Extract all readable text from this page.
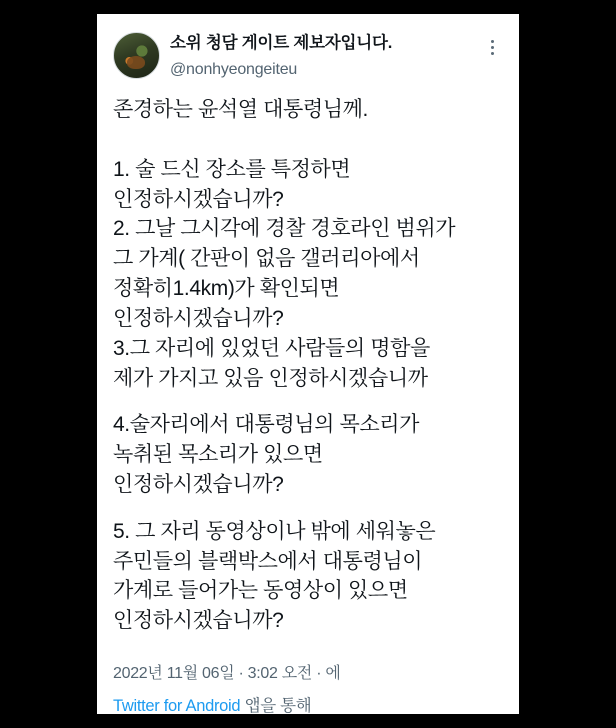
소위 청담 게이트 제보자입니다.
@nonhyeongeiteu

존경하는 윤석열 대통령님께.

1. 술 드신 장소를 특정하면

인정하시겠습니까?

2. 그날 그시각에 경찰 경호라인 범위가

그 가계( 간판이 없음 갤러리아에서

정확히1.4km)가 확인되면

인정하시겠습니까?

3.그 자리에 있었던 사람들의 명함을

제가 가지고 있음 인정하시겠습니까

4.술자리에서 대통령님의 목소리가

녹취된 목소리가 있으면

인정하시겠습니까?

5. 그 자리 동영상이나 밖에 세워놓은

주민들의 블랙박스에서 대통령님이

가계로 들어가는 동영상이 있으면

인정하시겠습니까?

2022년 11월 06일 · 3:02 오전 · 에
Twitter for Android 앱을 통해
